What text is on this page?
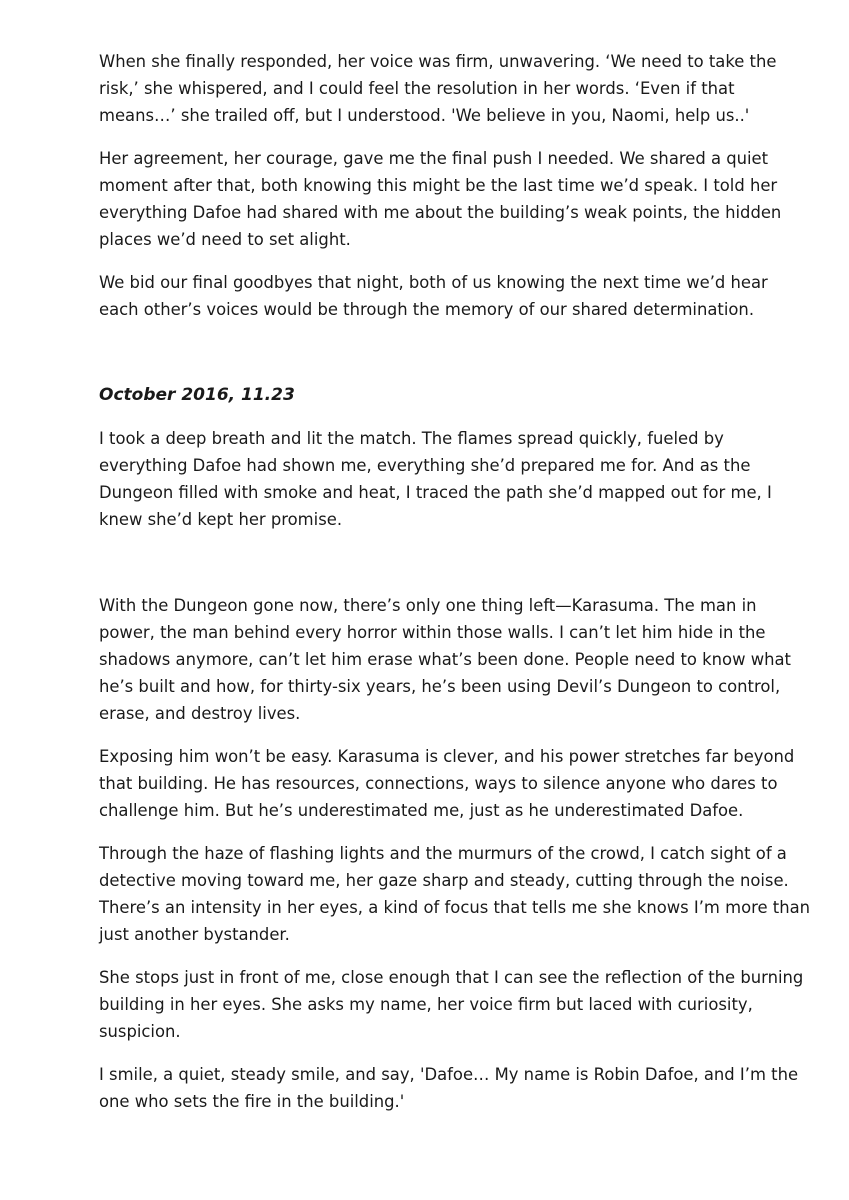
When she finally responded, her voice was firm, unwavering. ‘We need to take the risk,’ she whispered, and I could feel the resolution in her words. ‘Even if that means…’ she trailed off, but I understood. 'We believe in you, Naomi, help us..'

Her agreement, her courage, gave me the final push I needed. We shared a quiet moment after that, both knowing this might be the last time we’d speak. I told her everything Dafoe had shared with me about the building’s weak points, the hidden places we’d need to set alight.

We bid our final goodbyes that night, both of us knowing the next time we’d hear each other’s voices would be through the memory of our shared determination.

October 2016, 11.23

I took a deep breath and lit the match. The flames spread quickly, fueled by everything Dafoe had shown me, everything she’d prepared me for. And as the Dungeon filled with smoke and heat, I traced the path she’d mapped out for me, I knew she’d kept her promise.

With the Dungeon gone now, there’s only one thing left—Karasuma. The man in power, the man behind every horror within those walls. I can’t let him hide in the shadows anymore, can’t let him erase what’s been done. People need to know what he’s built and how, for thirty-six years, he’s been using Devil’s Dungeon to control, erase, and destroy lives.

Exposing him won’t be easy. Karasuma is clever, and his power stretches far beyond that building. He has resources, connections, ways to silence anyone who dares to challenge him. But he’s underestimated me, just as he underestimated Dafoe.

Through the haze of flashing lights and the murmurs of the crowd, I catch sight of a detective moving toward me, her gaze sharp and steady, cutting through the noise. There’s an intensity in her eyes, a kind of focus that tells me she knows I’m more than just another bystander.

She stops just in front of me, close enough that I can see the reflection of the burning building in her eyes. She asks my name, her voice firm but laced with curiosity, suspicion.

I smile, a quiet, steady smile, and say, 'Dafoe… My name is Robin Dafoe, and I’m the one who sets the fire in the building.'
